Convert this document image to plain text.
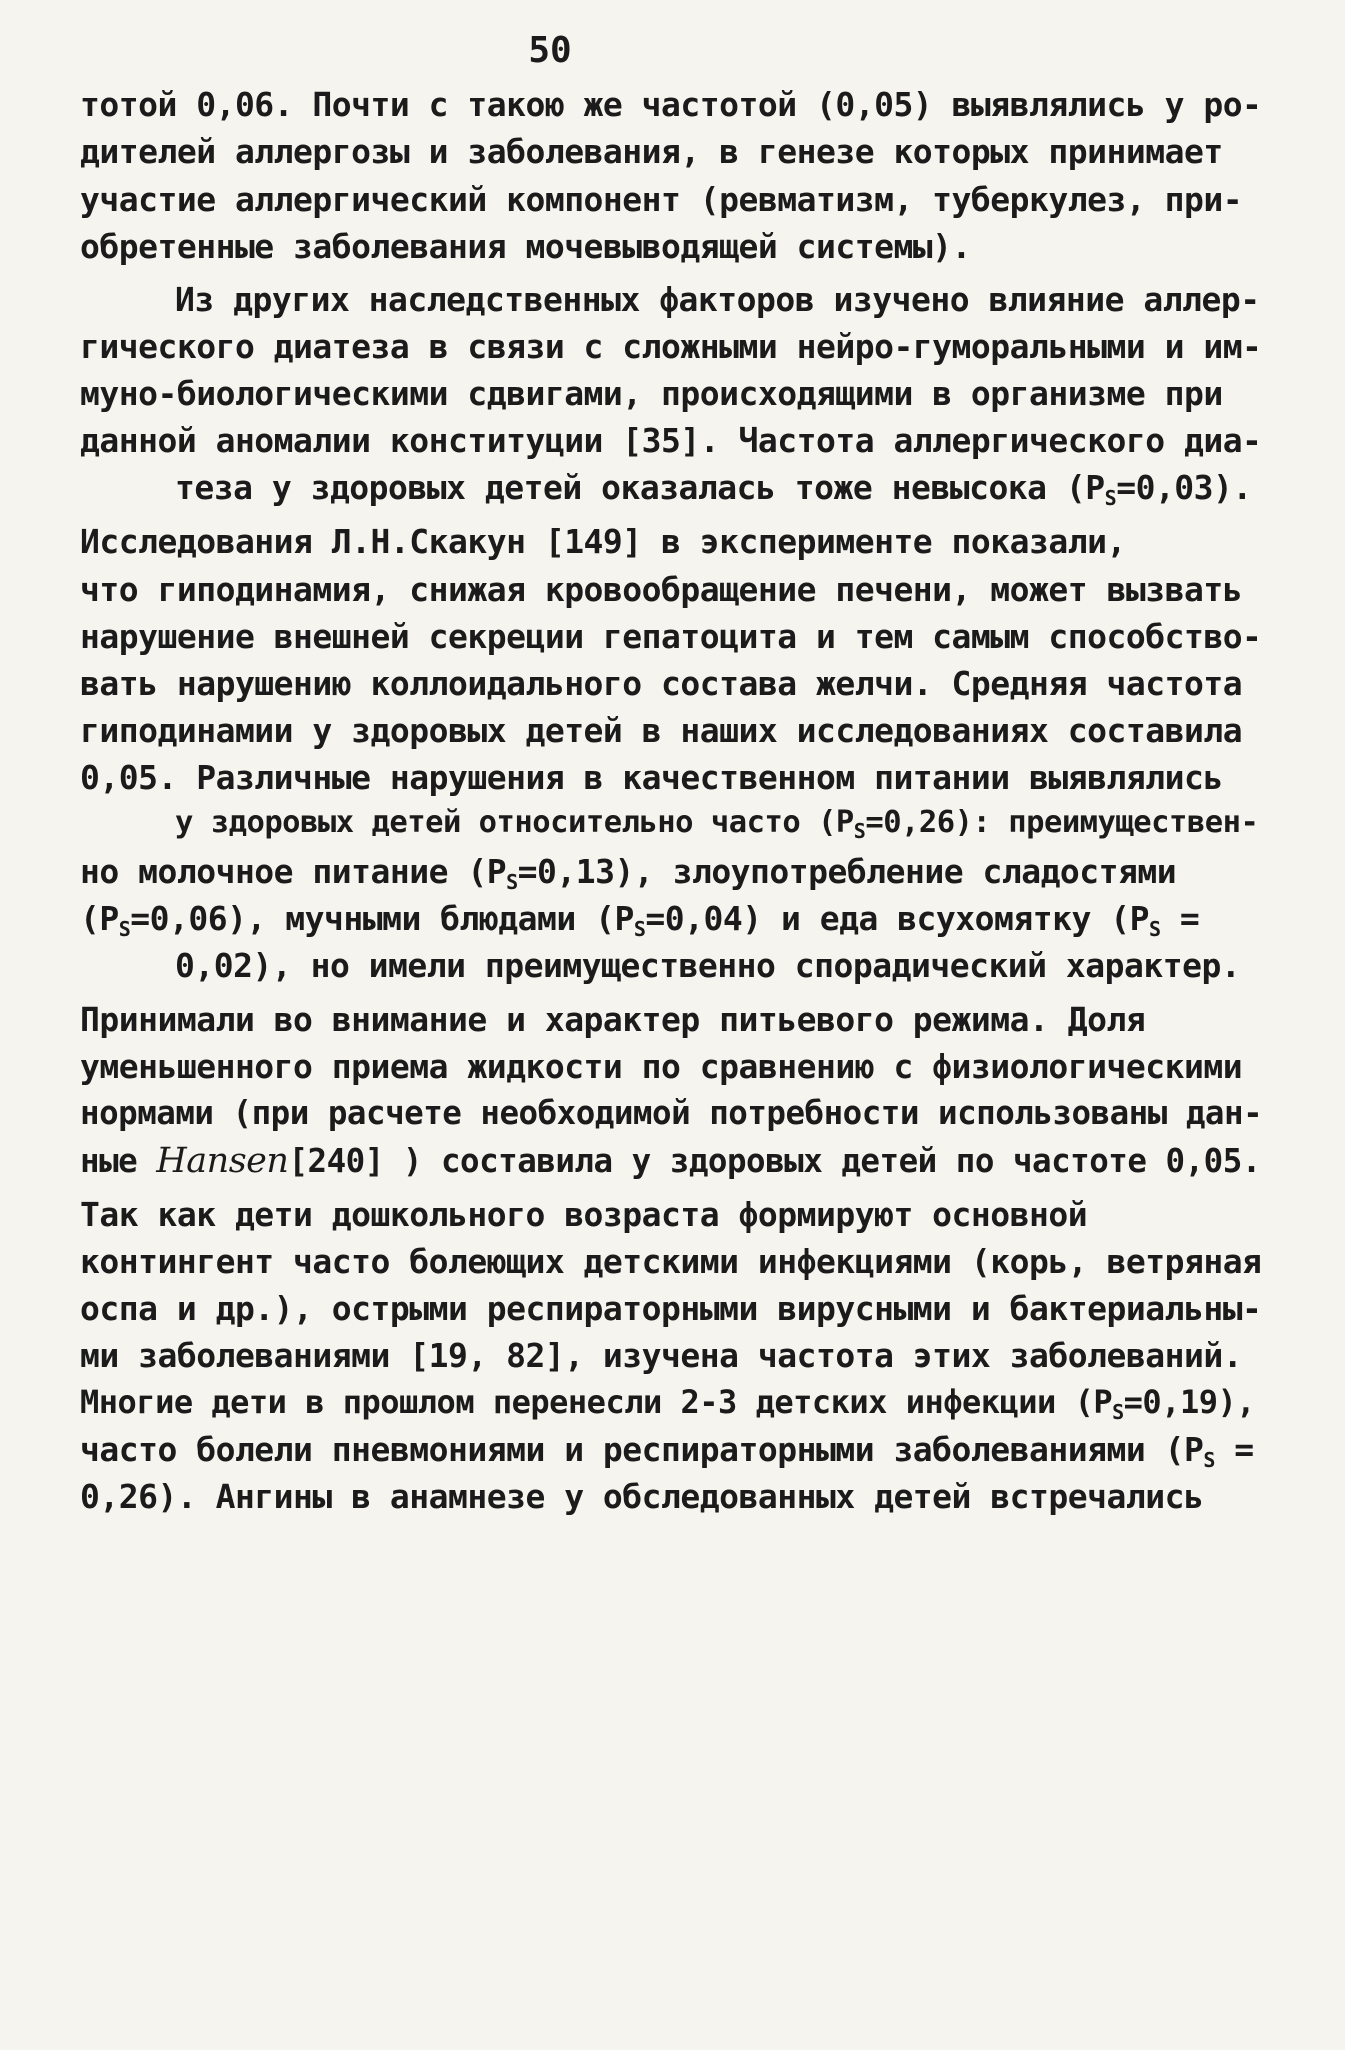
50
тотой 0,06. Почти с такою же частотой (0,05) выявлялись у ро-
дителей аллергозы и заболевания, в генезе которых принимает
участие аллергический компонент (ревматизм, туберкулез, при-
обретенные заболевания мочевыводящей системы).
Из других наследственных факторов изучено влияние аллер-
гического диатеза в связи с сложными нейро-гуморальными и им-
муно-биологическими сдвигами, происходящими в организме при
данной аномалии конституции [35]. Частота аллергического диа-
теза у здоровых детей оказалась тоже невысока $(P_S=0,03)$.
Исследования Л.Н.Скакун [149] в эксперименте показали,
что гиподинамия, снижая кровообращение печени, может вызвать
нарушение внешней секреции гепатоцита и тем самым способство-
вать нарушению коллоидального состава желчи. Средняя частота
гиподинамии у здоровых детей в наших исследованиях составила
0,05. Различные нарушения в качественном питании выявлялись
у здоровых детей относительно часто $(P_S=0,26)$: преимуществен-
но молочное питание $(P_S=0,13)$, злоупотребление сладостями
$(P_S=0,06)$, мучными блюдами $(P_S=0,04)$ и еда всухомятку ($P_S$ =
0,02), но имели преимущественно спорадический характер.
Принимали во внимание и характер питьевого режима. Доля
уменьшенного приема жидкости по сравнению с физиологическими
нормами (при расчете необходимой потребности использованы дан-
ные Hansen[240] ) составила у здоровых детей по частоте 0,05.
Так как дети дошкольного возраста формируют основной
контингент часто болеющих детскими инфекциями (корь, ветряная
оспа и др.), острыми респираторными вирусными и бактериальны-
ми заболеваниями [19, 82], изучена частота этих заболеваний.
Многие дети в прошлом перенесли 2-3 детских инфекции $(P_S=0,19)$,
часто болели пневмониями и респираторными заболеваниями ($P_S$ =
0,26). Ангины в анамнезе у обследованных детей встречались
